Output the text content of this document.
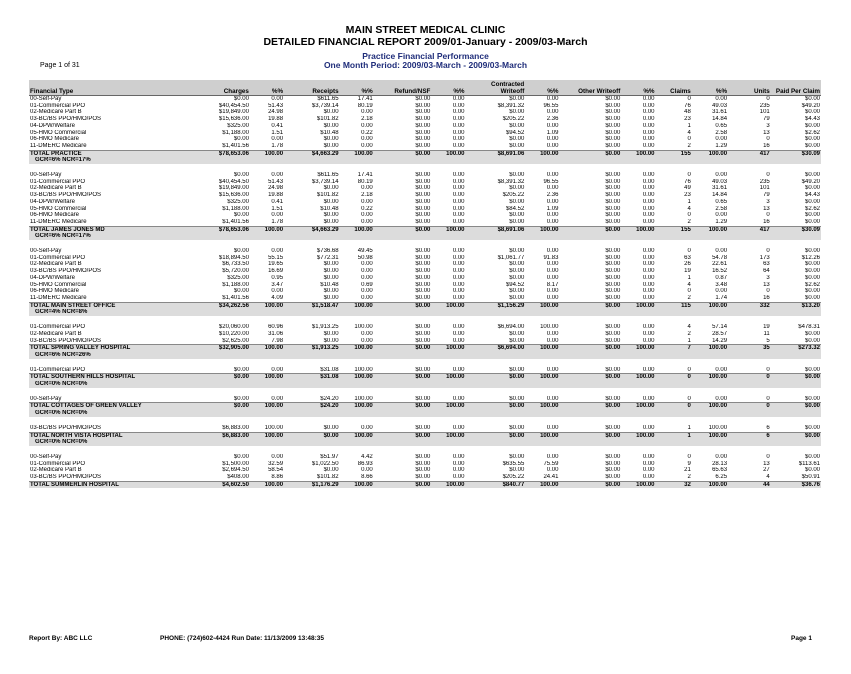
MAIN STREET MEDICAL CLINIC
DETAILED FINANCIAL REPORT 2009/01-January - 2009/03-March
Practice Financial Performance
One Month Period: 2009/03-March - 2009/03-March
Page 1 of 31
Financial Type	Charges	%%	Receipts	%%	Refund/NSF	%%	Contracted Writeoff	%%	Other Writeoff	%%	Claims	%%	Units	Paid Per Claim
00-Self-Pay	$0.00	0.00	$611.65	17.41	$0.00	0.00	$0.00	0.00	$0.00	0.00	0	0.00	0	$0.00
01-Commercial PPO	$40,454.50	51.43	$3,739.14	80.19	$0.00	0.00	$8,391.32	96.55	$0.00	0.00	76	49.03	235	$49.20
02-Medicare Part B	$19,849.00	24.98	$0.00	0.00	$0.00	0.00	$0.00	0.00	$0.00	0.00	48	31.61	101	$0.00
03-BC/BS PPO/HMO/POS	$15,636.00	19.88	$101.82	2.18	$0.00	0.00	$205.22	2.36	$0.00	0.00	23	14.84	79	$4.43
04-DPW/Welfare	$325.00	0.41	$0.00	0.00	$0.00	0.00	$0.00	0.00	$0.00	0.00	1	0.65	3	$0.00
05-HMO Commercial	$1,188.00	1.51	$10.48	0.22	$0.00	0.00	$94.52	1.09	$0.00	0.00	4	2.58	13	$2.62
06-HMO Medicare	$0.00	0.00	$0.00	0.00	$0.00	0.00	$0.00	0.00	$0.00	0.00	0	0.00	0	$0.00
11-DMERC Medicare	$1,401.56	1.78	$0.00	0.00	$0.00	0.00	$0.00	0.00	$0.00	0.00	2	1.29	16	$0.00
TOTAL PRACTICE	$78,653.06	100.00	$4,663.29	100.00	$0.00	100.00	$8,691.06	100.00	$0.00	100.00	155	100.00	417	$30.09
GCR=6% NCR=17%														

00-Self-Pay	$0.00	0.00	$611.65	17.41	$0.00	0.00	$0.00	0.00	$0.00	0.00	0	0.00	0	$0.00
01-Commercial PPO	$40,454.50	51.43	$3,739.14	80.19	$0.00	0.00	$8,391.32	96.55	$0.00	0.00	76	49.03	235	$49.20
02-Medicare Part B	$19,849.00	24.98	$0.00	0.00	$0.00	0.00	$0.00	0.00	$0.00	0.00	49	31.61	101	$0.00
03-BC/BS PPO/HMO/POS	$15,636.00	19.88	$101.82	2.18	$0.00	0.00	$205.22	2.36	$0.00	0.00	23	14.84	79	$4.43
04-DPW/Welfare	$325.00	0.41	$0.00	0.00	$0.00	0.00	$0.00	0.00	$0.00	0.00	1	0.65	3	$0.00
05-HMO Commercial	$1,188.00	1.51	$10.48	0.22	$0.00	0.00	$84.52	1.09	$0.00	0.00	4	2.58	13	$2.62
06-HMO Medicare	$0.00	0.00	$0.00	0.00	$0.00	0.00	$0.00	0.00	$0.00	0.00	0	0.00	0	$0.00
11-DMERC Medicare	$1,401.56	1.78	$0.00	0.00	$0.00	0.00	$0.00	0.00	$0.00	0.00	2	1.29	16	$0.00
TOTAL JAMES JONES MD	$78,653.06	100.00	$4,663.29	100.00	$0.00	100.00	$8,691.06	100.00	$0.00	100.00	155	100.00	417	$30.09
GCR=6% NCR=17%														

00-Self-Pay	$0.00	0.00	$736.68	49.45	$0.00	0.00	$0.00	0.00	$0.00	0.00	0	0.00	0	$0.00
01-Commercial PPO	$18,894.50	55.15	$772.31	50.98	$0.00	0.00	$1,061.77	91.83	$0.00	0.00	63	54.78	173	$12.26
02-Medicare Part B	$6,733.50	19.65	$0.00	0.00	$0.00	0.00	$0.00	0.00	$0.00	0.00	26	22.61	63	$0.00
03-BC/BS PPO/HMO/POS	$5,720.00	16.69	$0.00	0.00	$0.00	0.00	$0.00	0.00	$0.00	0.00	19	16.52	64	$0.00
04-DPW/Welfare	$325.00	0.95	$0.00	0.00	$0.00	0.00	$0.00	0.00	$0.00	0.00	1	0.87	3	$0.00
05-HMO Commercial	$1,188.00	3.47	$10.48	0.69	$0.00	0.00	$94.52	8.17	$0.00	0.00	4	3.48	13	$2.62
06-HMO Medicare	$0.00	0.00	$0.00	0.00	$0.00	0.00	$0.00	0.00	$0.00	0.00	0	0.00	0	$0.00
11-DMERC Medicare	$1,401.56	4.09	$0.00	0.00	$0.00	0.00	$0.00	0.00	$0.00	0.00	2	1.74	16	$0.00
TOTAL MAIN STREET OFFICE	$34,262.56	100.00	$1,518.47	100.00	$0.00	100.00	$1,156.29	100.00	$0.00	100.00	115	100.00	332	$13.20
GCR=4% NCR=8%														

01-Commercial PPO	$20,060.00	60.96	$1,913.25	100.00	$0.00	0.00	$6,694.00	100.00	$0.00	0.00	4	57.14	19	$478.31
02-Medicare Part B	$10,220.00	31.06	$0.00	0.00	$0.00	0.00	$0.00	0.00	$0.00	0.00	2	28.57	11	$0.00
03-BC/BS PPO/HMO/POS	$2,625.00	7.98	$0.00	0.00	$0.00	0.00	$0.00	0.00	$0.00	0.00	1	14.29	5	$0.00
TOTAL SPRING VALLEY HOSPITAL	$32,905.00	100.00	$1,913.25	100.00	$0.00	100.00	$6,694.00	100.00	$0.00	100.00	7	100.00	35	$273.32
GCR=6% NCR=26%														

01-Commercial PPO	$0.00	0.00	$31.08	100.00	$0.00	0.00	$0.00	0.00	$0.00	0.00	0	0.00	0	$0.00
TOTAL SOUTHERN HILLS HOSPITAL	$0.00	100.00	$31.08	100.00	$0.00	100.00	$0.00	100.00	$0.00	100.00	0	100.00	0	$0.00
GCR=0% NCR=0%														

00-Self-Pay	$0.00	0.00	$24.20	100.00	$0.00	0.00	$0.00	0.00	$0.00	0.00	0	0.00	0	$0.00
TOTAL COTTAGES OF GREEN VALLEY	$0.00	100.00	$24.20	100.00	$0.00	100.00	$0.00	100.00	$0.00	100.00	0	100.00	0	$0.00
GCR=0% NCR=0%														

03-BC/BS PPO/HMO/POS	$6,883.00	100.00	$0.00	0.00	$0.00	0.00	$0.00	0.00	$0.00	0.00	1	100.00	6	$0.00
TOTAL NORTH VISTA HOSPITAL	$6,883.00	100.00	$0.00	100.00	$0.00	100.00	$0.00	100.00	$0.00	100.00	1	100.00	6	$0.00
GCR=0% NCR=0%														

00-Self-Pay	$0.00	0.00	$51.97	4.42	$0.00	0.00	$0.00	0.00	$0.00	0.00	0	0.00	0	$0.00
01-Commercial PPO	$1,500.00	32.59	$1,022.50	86.93	$0.00	0.00	$635.55	75.59	$0.00	0.00	9	28.13	13	$113.61
02-Medicare Part B	$2,694.50	58.54	$0.00	0.00	$0.00	0.00	$0.00	0.00	$0.00	0.00	21	65.63	27	$0.00
03-BC/BS PPO/HMO/POS	$408.00	8.86	$101.82	8.66	$0.00	0.00	$205.22	24.41	$0.00	0.00	2	6.25	4	$50.91
TOTAL SUMMERLIN HOSPITAL	$4,602.50	100.00	$1,176.29	100.00	$0.00	100.00	$840.77	100.00	$0.00	100.00	32	100.00	44	$36.76
Report By: ABC LLC	PHONE: (724)602-4424 Run Date: 11/13/2009 13:48:35	Page 1
